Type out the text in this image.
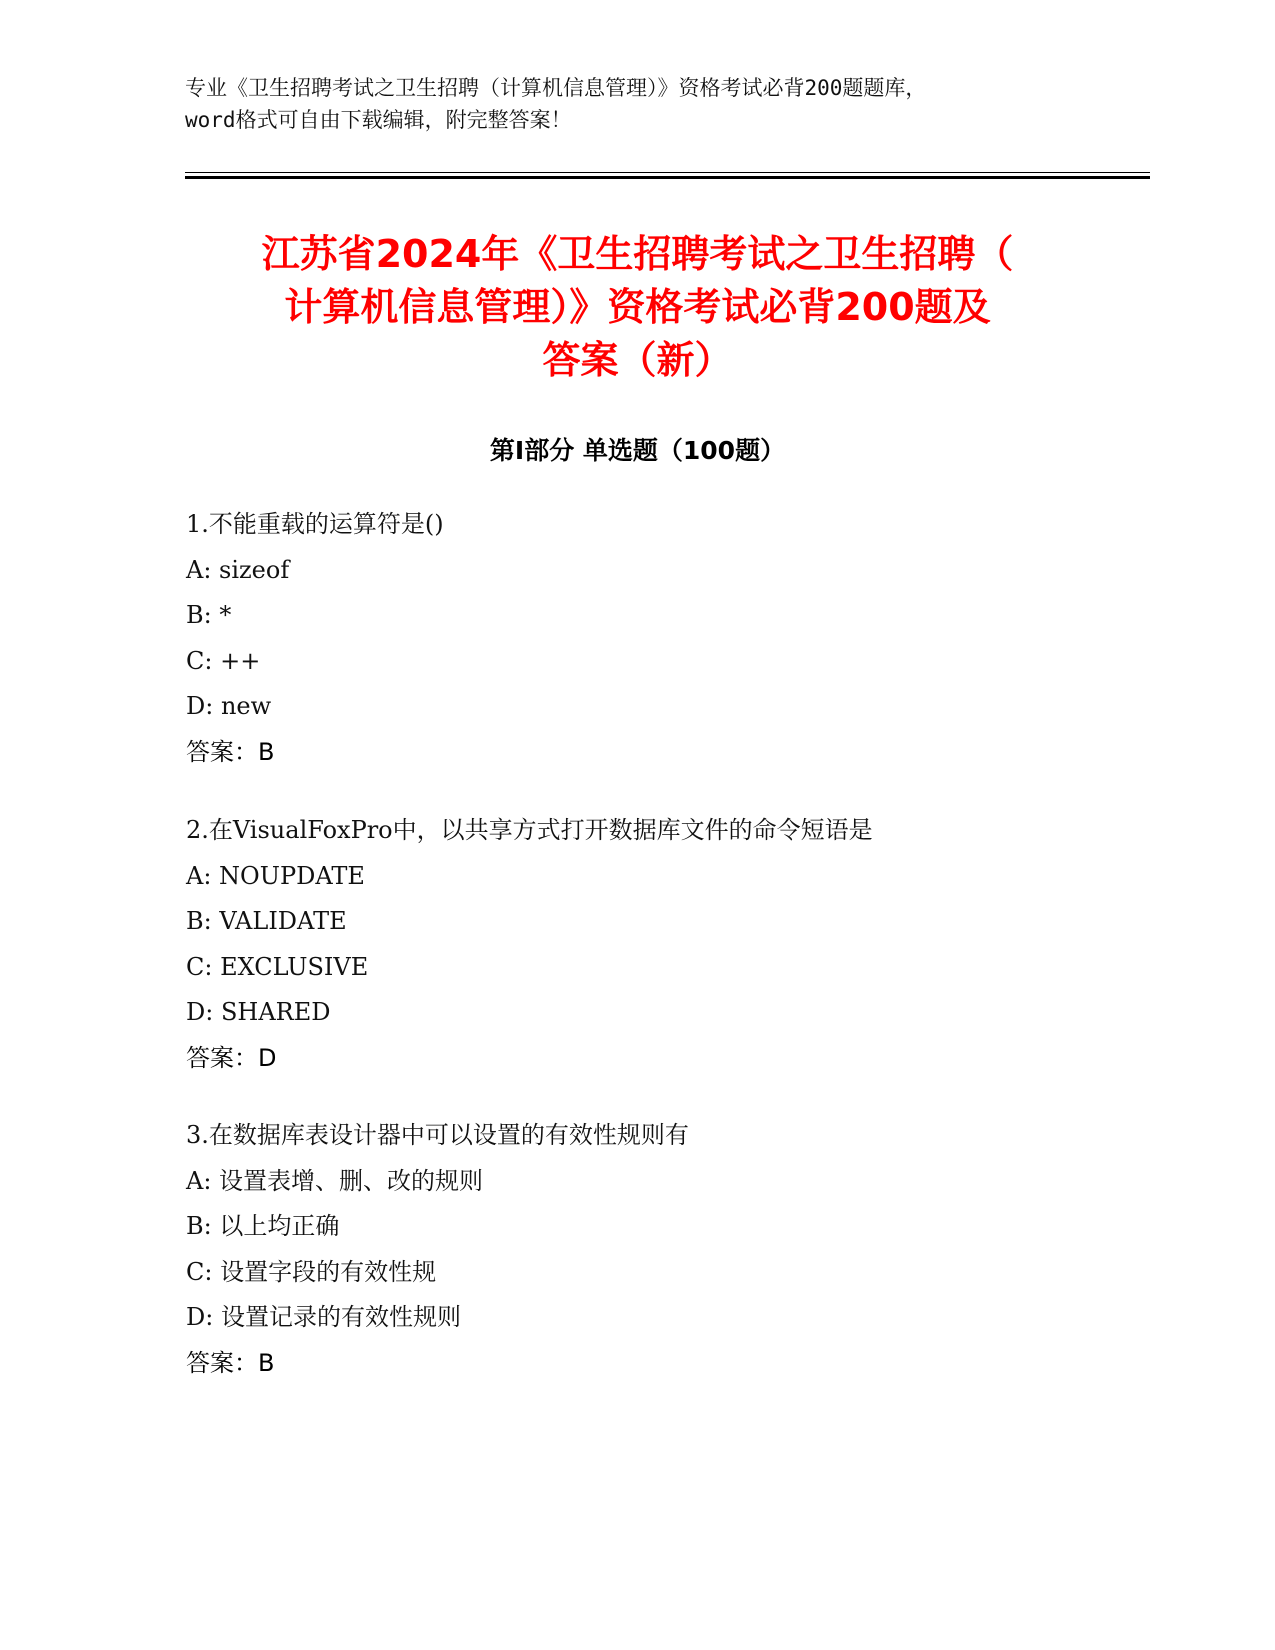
专业《卫生招聘考试之卫生招聘（计算机信息管理）》资格考试必背200题题库，
word格式可自由下载编辑，附完整答案！
江苏省2024年《卫生招聘考试之卫生招聘（
计算机信息管理）》资格考试必背200题及
答案（新）
第Ⅰ部分 单选题（100题）
1.不能重载的运算符是()
A: sizeof
B: *
C: ++
D: new
答案：B
2.在VisualFoxPro中，以共享方式打开数据库文件的命令短语是
A: NOUPDATE
B: VALIDATE
C: EXCLUSIVE
D: SHARED
答案：D
3.在数据库表设计器中可以设置的有效性规则有
A: 设置表增、删、改的规则
B: 以上均正确
C: 设置字段的有效性规
D: 设置记录的有效性规则
答案：B
